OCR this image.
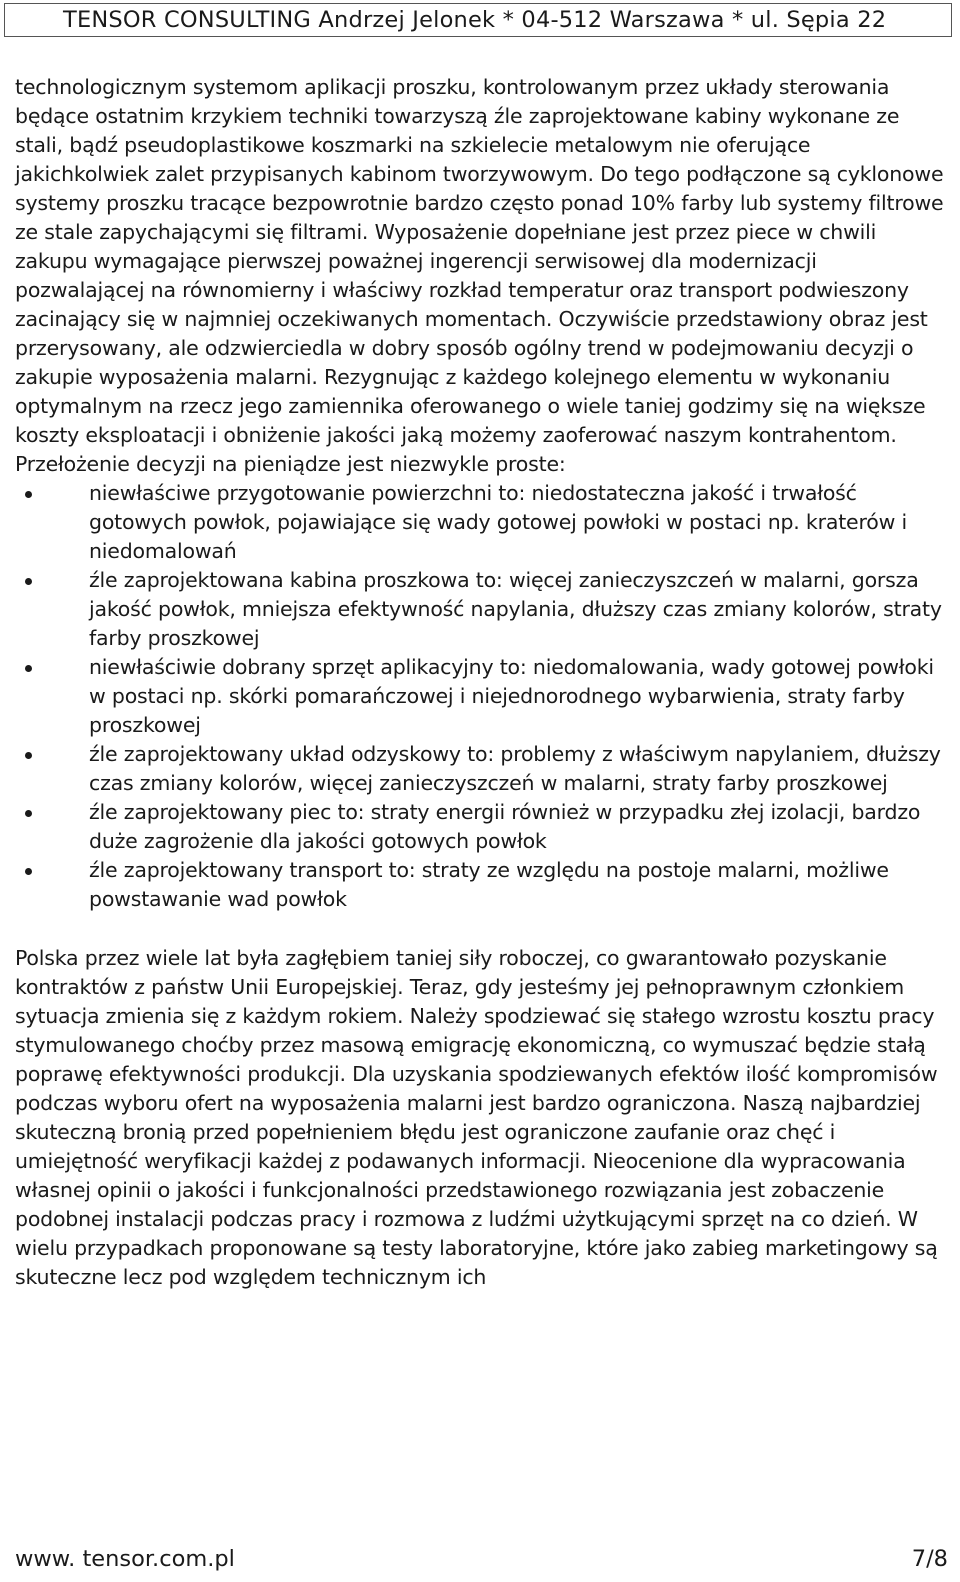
TENSOR CONSULTING Andrzej Jelonek * 04-512 Warszawa * ul. Sępia 22

technologicznym systemom aplikacji proszku, kontrolowanym przez układy sterowania będące ostatnim krzykiem techniki towarzyszą źle zaprojektowane kabiny wykonane ze stali, bądź pseudoplastikowe koszmarki na szkielecie metalowym nie oferujące jakichkolwiek zalet przypisanych kabinom tworzywowym. Do tego podłączone są cyklonowe systemy proszku tracące bezpowrotnie bardzo często ponad 10% farby lub systemy filtrowe ze stale zapychającymi się filtrami. Wyposażenie dopełniane jest przez piece w chwili zakupu wymagające pierwszej poważnej ingerencji serwisowej dla modernizacji pozwalającej na równomierny i właściwy rozkład temperatur oraz transport podwieszony zacinający się w najmniej oczekiwanych momentach. Oczywiście przedstawiony obraz jest przerysowany, ale odzwierciedla w dobry sposób ogólny trend w podejmowaniu decyzji o zakupie wyposażenia malarni. Rezygnując z każdego kolejnego elementu w wykonaniu optymalnym na rzecz jego zamiennika oferowanego o wiele taniej godzimy się na większe koszty eksploatacji i obniżenie jakości jaką możemy zaoferować naszym kontrahentom. Przełożenie decyzji na pieniądze jest niezwykle proste:

niewłaściwe przygotowanie powierzchni to: niedostateczna jakość i trwałość gotowych powłok, pojawiające się wady gotowej powłoki w postaci np. kraterów i niedomalowań
źle zaprojektowana kabina proszkowa to: więcej zanieczyszczeń w malarni, gorsza jakość powłok, mniejsza efektywność napylania, dłuższy czas zmiany kolorów, straty farby proszkowej
niewłaściwie dobrany sprzęt aplikacyjny to: niedomalowania, wady gotowej powłoki w postaci np. skórki pomarańczowej i niejednorodnego wybarwienia, straty farby proszkowej
źle zaprojektowany układ odzyskowy to: problemy z właściwym napylaniem, dłuższy czas zmiany kolorów, więcej zanieczyszczeń w malarni, straty farby proszkowej
źle zaprojektowany piec to: straty energii również w przypadku złej izolacji, bardzo duże zagrożenie dla jakości gotowych powłok
źle zaprojektowany transport to: straty ze względu na postoje malarni, możliwe powstawanie wad powłok

Polska przez wiele lat była zagłębiem taniej siły roboczej, co gwarantowało pozyskanie kontraktów z państw Unii Europejskiej. Teraz, gdy jesteśmy jej pełnoprawnym członkiem sytuacja zmienia się z każdym rokiem. Należy spodziewać się stałego wzrostu kosztu pracy stymulowanego choćby przez masową emigrację ekonomiczną, co wymuszać będzie stałą poprawę efektywności produkcji. Dla uzyskania spodziewanych efektów ilość kompromisów podczas wyboru ofert na wyposażenia malarni jest bardzo ograniczona. Naszą najbardziej skuteczną bronią przed popełnieniem błędu jest ograniczone zaufanie oraz chęć i umiejętność weryfikacji każdej z podawanych informacji. Nieocenione dla wypracowania własnej opinii o jakości i funkcjonalności przedstawionego rozwiązania jest zobaczenie podobnej instalacji podczas pracy i rozmowa z ludźmi użytkującymi sprzęt na co dzień. W wielu przypadkach proponowane są testy laboratoryjne, które jako zabieg marketingowy są skuteczne lecz pod względem technicznym ich

www. tensor.com.pl	7/8
